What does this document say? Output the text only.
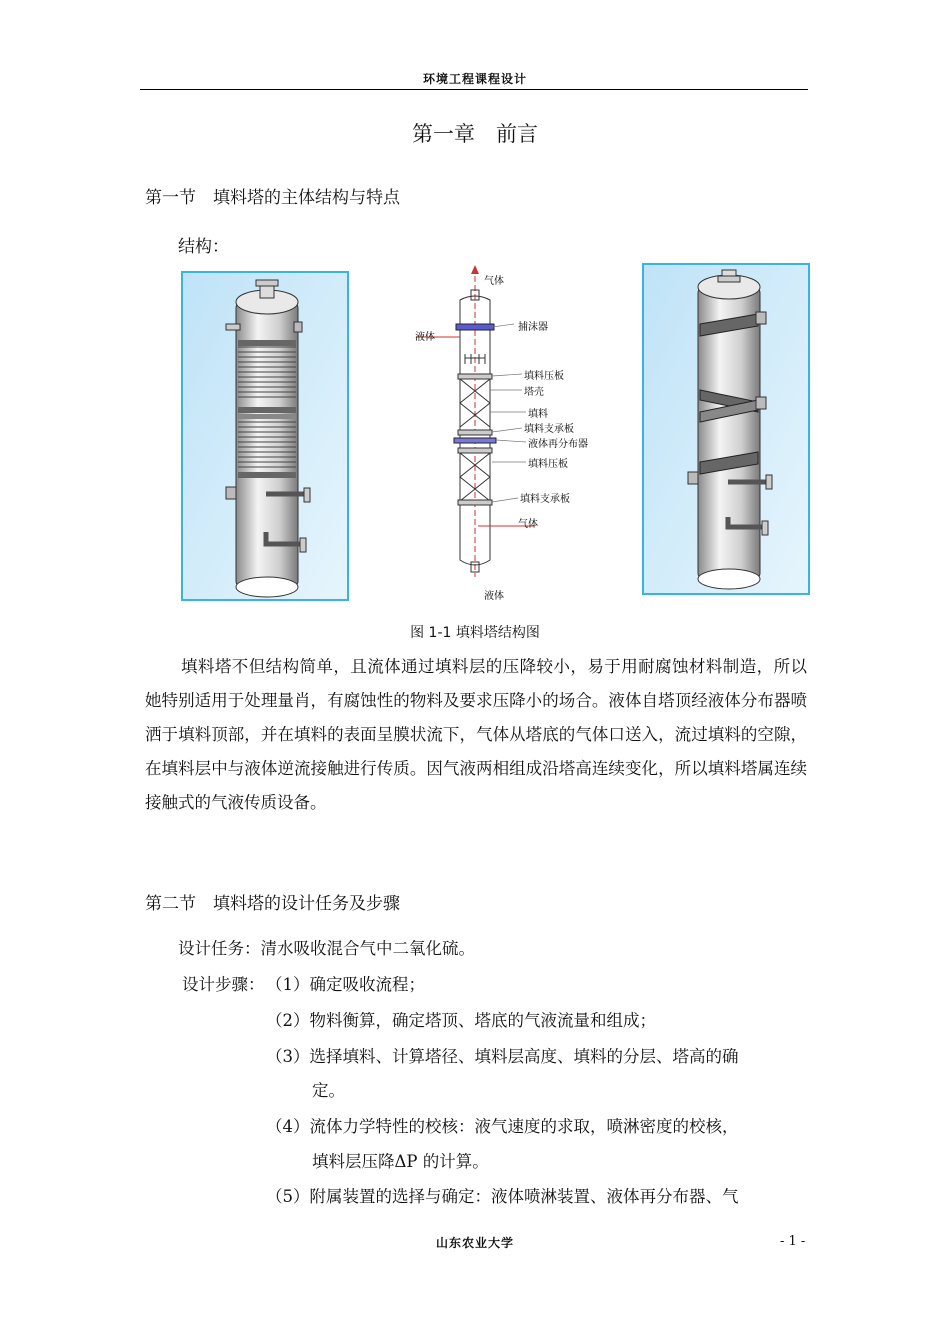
环境工程课程设计
第一章　前言
第一节　填料塔的主体结构与特点
结构：
气体
液体
捕沫器
填料压板
塔壳
填料
填料支承板
液体再分布器
填料压板
填料支承板
气体
液体
图 1-1 填料塔结构图

填料塔不但结构简单，且流体通过填料层的压降较小，易于用耐腐蚀材料制造，所以她特别适用于处理量肖，有腐蚀性的物料及要求压降小的场合。液体自塔顶经液体分布器喷洒于填料顶部，并在填料的表面呈膜状流下，气体从塔底的气体口送入，流过填料的空隙，在填料层中与液体逆流接触进行传质。因气液两相组成沿塔高连续变化，所以填料塔属连续接触式的气液传质设备。

第二节　填料塔的设计任务及步骤
设计任务：清水吸收混合气中二氧化硫。
设计步骤： （1）确定吸收流程；
（2）物料衡算，确定塔顶、塔底的气液流量和组成；
（3）选择填料、计算塔径、填料层高度、填料的分层、塔高的确
定。
（4）流体力学特性的校核：液气速度的求取，喷淋密度的校核，
填料层压降ΔP 的计算。
（5）附属装置的选择与确定：液体喷淋装置、液体再分布器、气
山东农业大学	- 1 -
